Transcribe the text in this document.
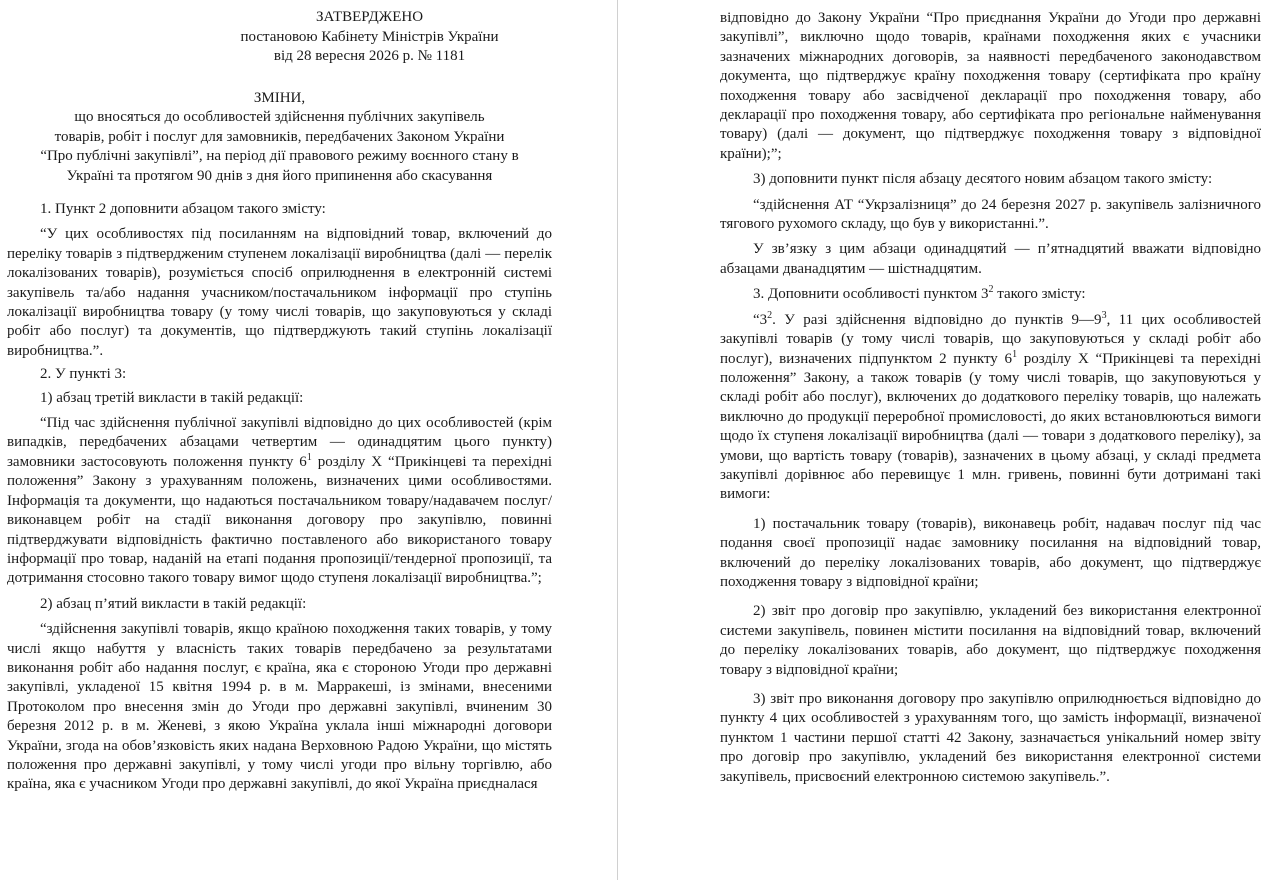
ЗАТВЕРДЖЕНО
постановою Кабінету Міністрів України
від 28 вересня 2026 р. № 1181
ЗМІНИ,
що вносяться до особливостей здійснення публічних закупівель
товарів, робіт і послуг для замовників, передбачених Законом України
“Про публічні закупівлі”, на період дії правового режиму воєнного стану в
Україні та протягом 90 днів з дня його припинення або скасування

1. Пункт 2 доповнити абзацом такого змісту:

“У цих особливостях під посиланням на відповідний товар, включений до переліку товарів з підтвердженим ступенем локалізації виробництва (далі — перелік локалізованих товарів), розуміється спосіб оприлюднення в електронній системі закупівель та/або надання учасником/постачальником інформації про ступінь локалізації виробництва товару (у тому числі товарів, що закуповуються у складі робіт або послуг) та документів, що підтверджують такий ступінь локалізації виробництва.”.

2. У пункті 3:

1) абзац третій викласти в такій редакції:

“Під час здійснення публічної закупівлі відповідно до цих особливостей (крім випадків, передбачених абзацами четвертим — одинадцятим цього пункту) замовники застосовують положення пункту $6^1$ розділу X “Прикінцеві та перехідні положення” Закону з урахуванням положень, визначених цими особливостями. Інформація та документи, що надаються постачальником товару/надавачем послуг/виконавцем робіт на стадії виконання договору про закупівлю, повинні підтверджувати відповідність фактично поставленого або використаного товару інформації про товар, наданій на етапі подання пропозиції/тендерної пропозиції, та дотримання стосовно такого товару вимог щодо ступеня локалізації виробництва.”;

2) абзац п’ятий викласти в такій редакції:

“здійснення закупівлі товарів, якщо країною походження таких товарів, у тому числі якщо набуття у власність таких товарів передбачено за результатами виконання робіт або надання послуг, є країна, яка є стороною Угоди про державні закупівлі, укладеної 15 квітня 1994 р. в м. Марракеші, із змінами, внесеними Протоколом про внесення змін до Угоди про державні закупівлі, вчиненим 30 березня 2012 р. в м. Женеві, з якою Україна уклала інші міжнародні договори України, згода на обов’язковість яких надана Верховною Радою України, що містять положення про державні закупівлі, у тому числі угоди про вільну торгівлю, або країна, яка є учасником Угоди про державні закупівлі, до якої Україна приєдналася

відповідно до Закону України “Про приєднання України до Угоди про державні закупівлі”, виключно щодо товарів, країнами походження яких є учасники зазначених міжнародних договорів, за наявності передбаченого законодавством документа, що підтверджує країну походження товару (сертифіката про країну походження товару або засвідченої декларації про походження товару, або декларації про походження товару, або сертифіката про регіональне найменування товару) (далі — документ, що підтверджує походження товару з відповідної країни);”;

3) доповнити пункт після абзацу десятого новим абзацом такого змісту:

“здійснення АТ “Укрзалізниця” до 24 березня 2027 р. закупівель залізничного тягового рухомого складу, що був у використанні.”.

У зв’язку з цим абзаци одинадцятий — п’ятнадцятий вважати відповідно абзацами дванадцятим — шістнадцятим.

3. Доповнити особливості пунктом $3^2$ такого змісту:

“$3^2$. У разі здійснення відповідно до пунктів $9—9^3$, 11 цих особливостей закупівлі товарів (у тому числі товарів, що закуповуються у складі робіт або послуг), визначених підпунктом 2 пункту $6^1$ розділу X “Прикінцеві та перехідні положення” Закону, а також товарів (у тому числі товарів, що закуповуються у складі робіт або послуг), включених до додаткового переліку товарів, що належать виключно до продукції переробної промисловості, до яких встановлюються вимоги щодо їх ступеня локалізації виробництва (далі — товари з додаткового переліку), за умови, що вартість товару (товарів), зазначених в цьому абзаці, у складі предмета закупівлі дорівнює або перевищує 1 млн. гривень, повинні бути дотримані такі вимоги:

1) постачальник товару (товарів), виконавець робіт, надавач послуг під час подання своєї пропозиції надає замовнику посилання на відповідний товар, включений до переліку локалізованих товарів, або документ, що підтверджує походження товару з відповідної країни;

2) звіт про договір про закупівлю, укладений без використання електронної системи закупівель, повинен містити посилання на відповідний товар, включений до переліку локалізованих товарів, або документ, що підтверджує походження товару з відповідної країни;

3) звіт про виконання договору про закупівлю оприлюднюється відповідно до пункту 4 цих особливостей з урахуванням того, що замість інформації, визначеної пунктом 1 частини першої статті 42 Закону, зазначається унікальний номер звіту про договір про закупівлю, укладений без використання електронної системи закупівель, присвоєний електронною системою закупівель.”.
